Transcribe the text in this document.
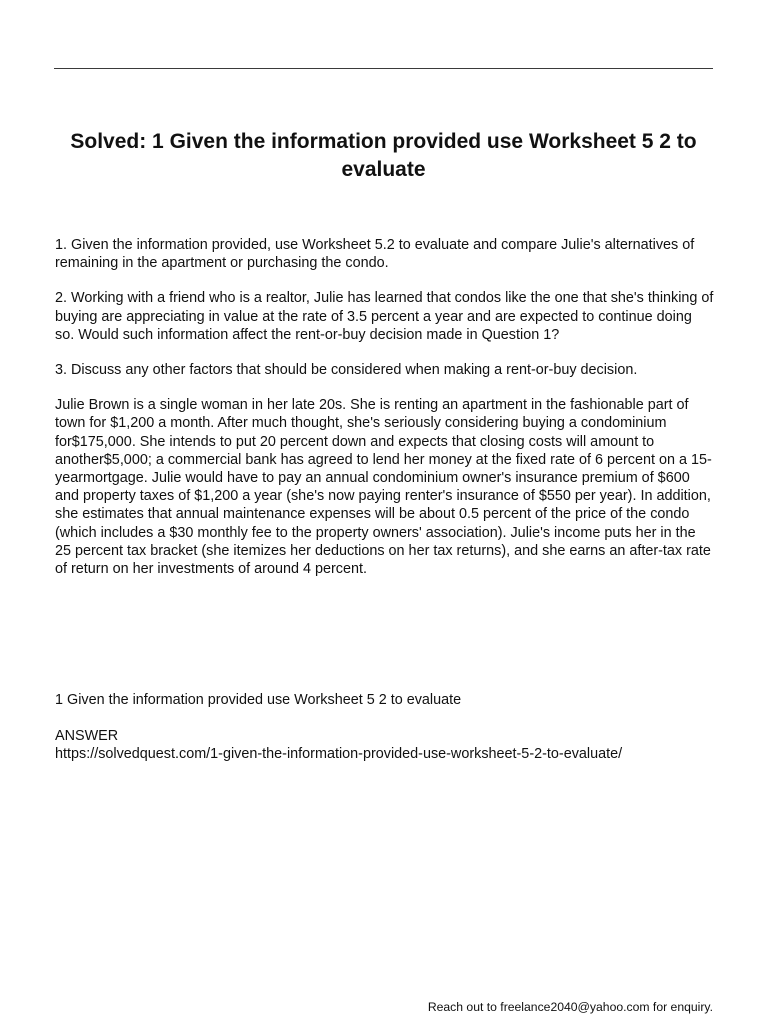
Solved: 1 Given the information provided use Worksheet 5 2 to evaluate

1. Given the information provided, use Worksheet 5.2 to evaluate and compare Julie's alternatives of remaining in the apartment or purchasing the condo.

2. Working with a friend who is a realtor, Julie has learned that condos like the one that she's thinking of buying are appreciating in value at the rate of 3.5 percent a year and are expected to continue doing so. Would such information affect the rent-or-buy decision made in Question 1?

3. Discuss any other factors that should be considered when making a rent-or-buy decision.

Julie Brown is a single woman in her late 20s. She is renting an apartment in the fashionable part of town for $1,200 a month. After much thought, she's seriously considering buying a condominium for$175,000. She intends to put 20 percent down and expects that closing costs will amount to another$5,000; a commercial bank has agreed to lend her money at the fixed rate of 6 percent on a 15-yearmortgage. Julie would have to pay an annual condominium owner's insurance premium of $600 and property taxes of $1,200 a year (she's now paying renter's insurance of $550 per year). In addition, she estimates that annual maintenance expenses will be about 0.5 percent of the price of the condo (which includes a $30 monthly fee to the property owners' association). Julie's income puts her in the 25 percent tax bracket (she itemizes her deductions on her tax returns), and she earns an after-tax rate of return on her investments of around 4 percent.

1 Given the information provided use Worksheet 5 2 to evaluate

ANSWER
https://solvedquest.com/1-given-the-information-provided-use-worksheet-5-2-to-evaluate/
Reach out to freelance2040@yahoo.com for enquiry.
